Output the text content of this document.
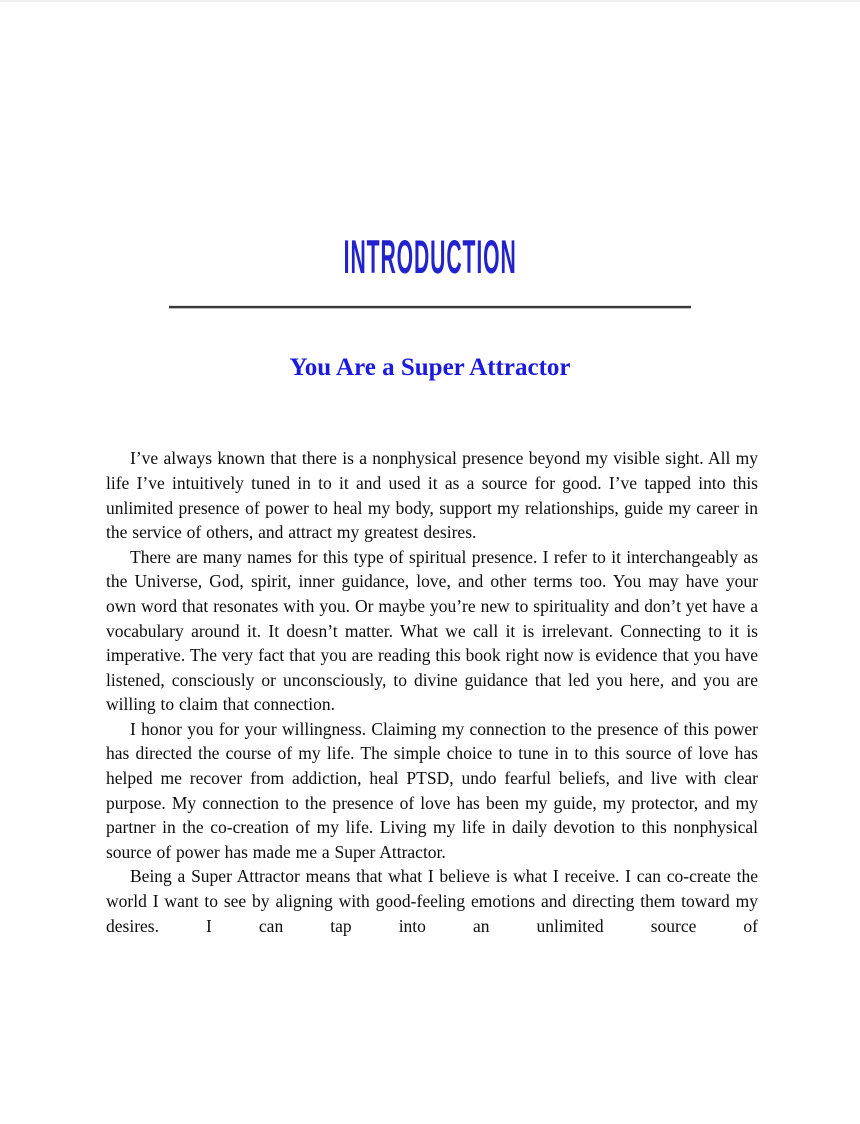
INTRODUCTION
You Are a Super Attractor

I’ve always known that there is a nonphysical presence beyond my visible sight. All my life I’ve intuitively tuned in to it and used it as a source for good. I’ve tapped into this unlimited presence of power to heal my body, support my relationships, guide my career in the service of others, and attract my greatest desires.

There are many names for this type of spiritual presence. I refer to it interchangeably as the Universe, God, spirit, inner guidance, love, and other terms too. You may have your own word that resonates with you. Or maybe you’re new to spirituality and don’t yet have a vocabulary around it. It doesn’t matter. What we call it is irrelevant. Connecting to it is imperative. The very fact that you are reading this book right now is evidence that you have listened, consciously or unconsciously, to divine guidance that led you here, and you are willing to claim that connection.

I honor you for your willingness. Claiming my connection to the presence of this power has directed the course of my life. The simple choice to tune in to this source of love has helped me recover from addiction, heal PTSD, undo fearful beliefs, and live with clear purpose. My connection to the presence of love has been my guide, my protector, and my partner in the co-creation of my life. Living my life in daily devotion to this nonphysical source of power has made me a Super Attractor.

Being a Super Attractor means that what I believe is what I receive. I can co-create the world I want to see by aligning with good-feeling emotions and directing them toward my desires. I can tap into an unlimited source of
